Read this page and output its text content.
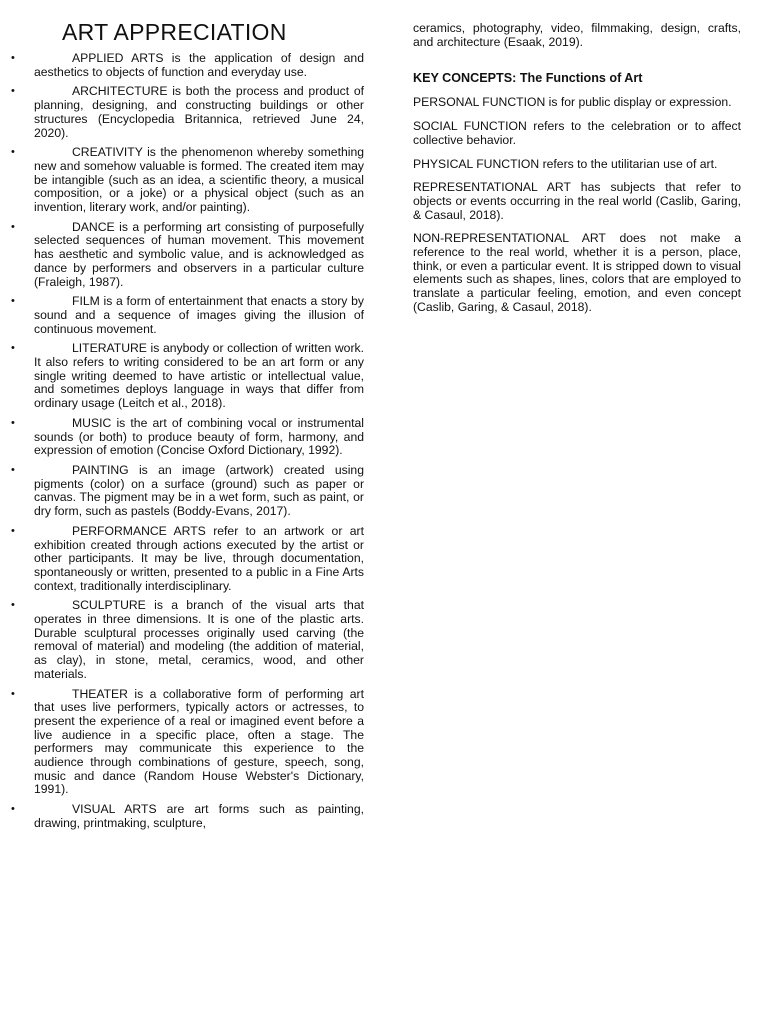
ART APPRECIATION
•	APPLIED ARTS is the application of design and aesthetics to objects of function and everyday use.

•	ARCHITECTURE is both the process and product of planning, designing, and constructing buildings or other structures (Encyclopedia Britannica, retrieved June 24, 2020).

•	CREATIVITY is the phenomenon whereby something new and somehow valuable is formed. The created item may be intangible (such as an idea, a scientific theory, a musical composition, or a joke) or a physical object (such as an invention, literary work, and/or painting).

•	DANCE is a performing art consisting of purposefully selected sequences of human movement. This movement has aesthetic and symbolic value, and is acknowledged as dance by performers and observers in a particular culture (Fraleigh, 1987).

•	FILM is a form of entertainment that enacts a story by sound and a sequence of images giving the illusion of continuous movement.

•	LITERATURE is anybody or collection of written work. It also refers to writing considered to be an art form or any single writing deemed to have artistic or intellectual value, and sometimes deploys language in ways that differ from ordinary usage (Leitch et al., 2018).

•	MUSIC is the art of combining vocal or instrumental sounds (or both) to produce beauty of form, harmony, and expression of emotion (Concise Oxford Dictionary, 1992).

•	PAINTING is an image (artwork) created using pigments (color) on a surface (ground) such as paper or canvas. The pigment may be in a wet form, such as paint, or dry form, such as pastels (Boddy-Evans, 2017).

•	PERFORMANCE ARTS refer to an artwork or art exhibition created through actions executed by the artist or other participants. It may be live, through documentation, spontaneously or written, presented to a public in a Fine Arts context, traditionally interdisciplinary.

•	SCULPTURE is a branch of the visual arts that operates in three dimensions. It is one of the plastic arts. Durable sculptural processes originally used carving (the removal of material) and modeling (the addition of material, as clay), in stone, metal, ceramics, wood, and other materials.

•	THEATER is a collaborative form of performing art that uses live performers, typically actors or actresses, to present the experience of a real or imagined event before a live audience in a specific place, often a stage. The performers may communicate this experience to the audience through combinations of gesture, speech, song, music and dance (Random House Webster's Dictionary, 1991).

•	VISUAL ARTS are art forms such as painting, drawing, printmaking, sculpture,

ceramics, photography, video, filmmaking, design, crafts, and architecture (Esaak, 2019).

KEY CONCEPTS: The Functions of Art

PERSONAL FUNCTION is for public display or expression.

SOCIAL FUNCTION refers to the celebration or to affect collective behavior.

PHYSICAL FUNCTION refers to the utilitarian use of art.

REPRESENTATIONAL ART has subjects that refer to objects or events occurring in the real world (Caslib, Garing, & Casaul, 2018).

NON-REPRESENTATIONAL ART does not make a reference to the real world, whether it is a person, place, think, or even a particular event. It is stripped down to visual elements such as shapes, lines, colors that are employed to translate a particular feeling, emotion, and even concept (Caslib, Garing, & Casaul, 2018).
